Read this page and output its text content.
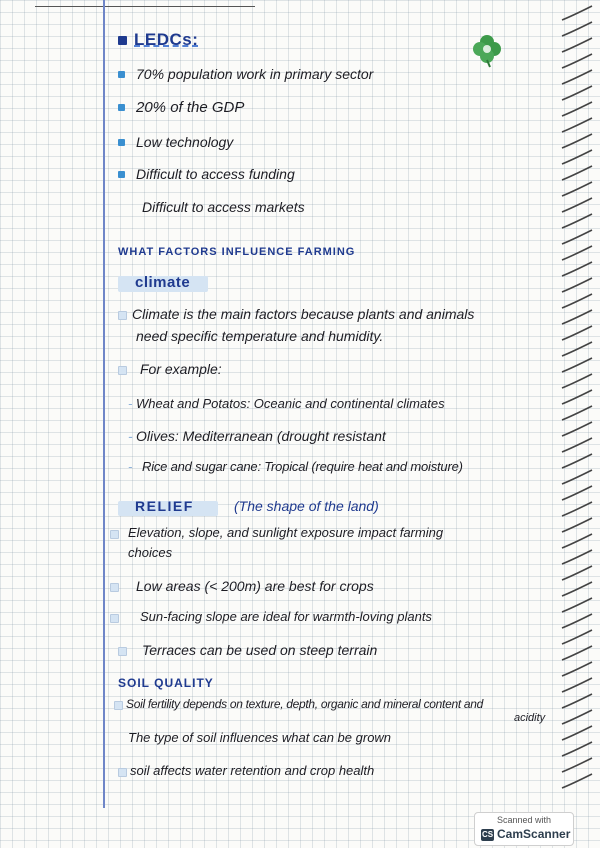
LEDCs:
70% population work in primary sector
20% of the GDP
Low technology
Difficult to access funding
Difficult to access markets
WHAT FACTORS INFLUENCE FARMING
climate
Climate is the main factors because plants and animals
need specific temperature and humidity.
For example:
- Wheat and Potatos: Oceanic and continental climates
- Olives: Mediterranean (drought resistant
- Rice and sugar cane: Tropical (require heat and moisture)
RELIEF	(The shape of the land)
Elevation, slope, and sunlight exposure impact farming
choices
Low areas (< 200m) are best for crops
Sun-facing slope are ideal for warmth-loving plants
Terraces can be used on steep terrain
SOIL QUALITY
Soil fertility depends on texture, depth, organic and mineral content and
acidity
The type of soil influences what can be grown
soil affects water retention and crop health
Scanned with
CS CamScanner
